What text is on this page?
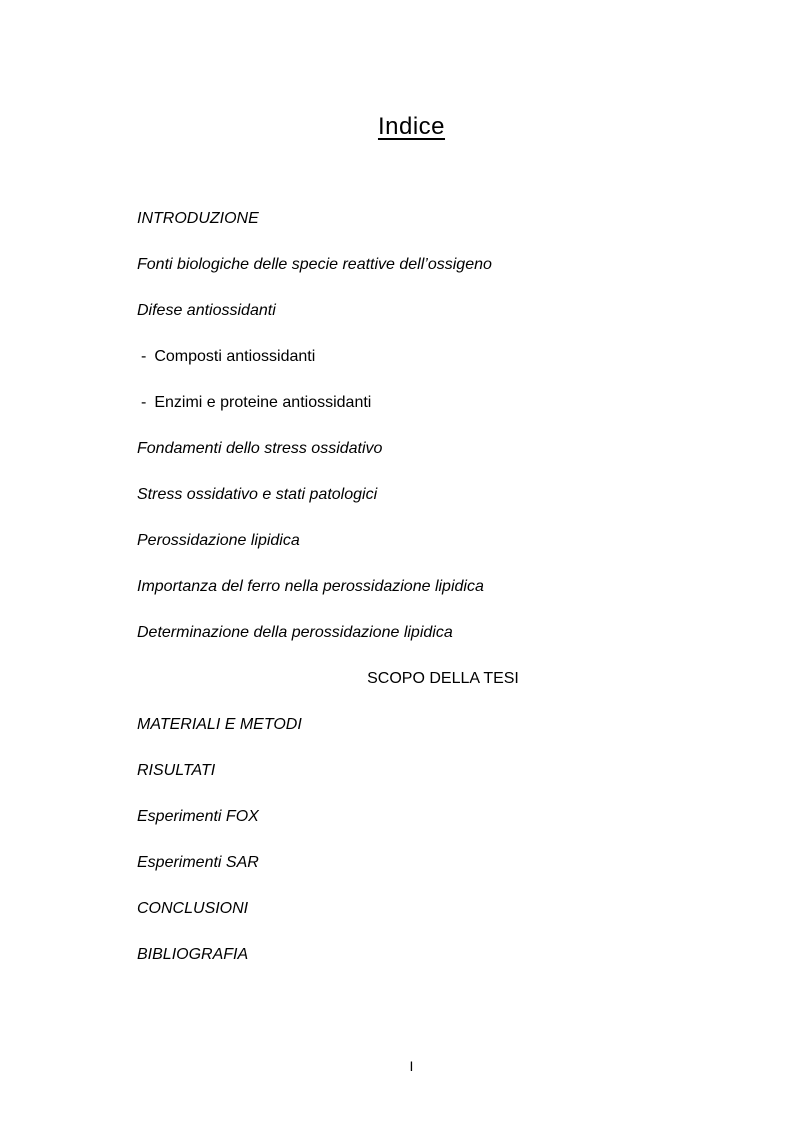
Indice
INTRODUZIONE
Fonti biologiche delle specie reattive dell’ossigeno
Difese antiossidanti
- Composti antiossidanti
- Enzimi e proteine antiossidanti
Fondamenti dello stress ossidativo
Stress ossidativo e stati patologici
Perossidazione lipidica
Importanza del ferro nella perossidazione lipidica
Determinazione della perossidazione lipidica
SCOPO DELLA TESI
MATERIALI E METODI
RISULTATI
Esperimenti FOX
Esperimenti SAR
CONCLUSIONI
BIBLIOGRAFIA
I
